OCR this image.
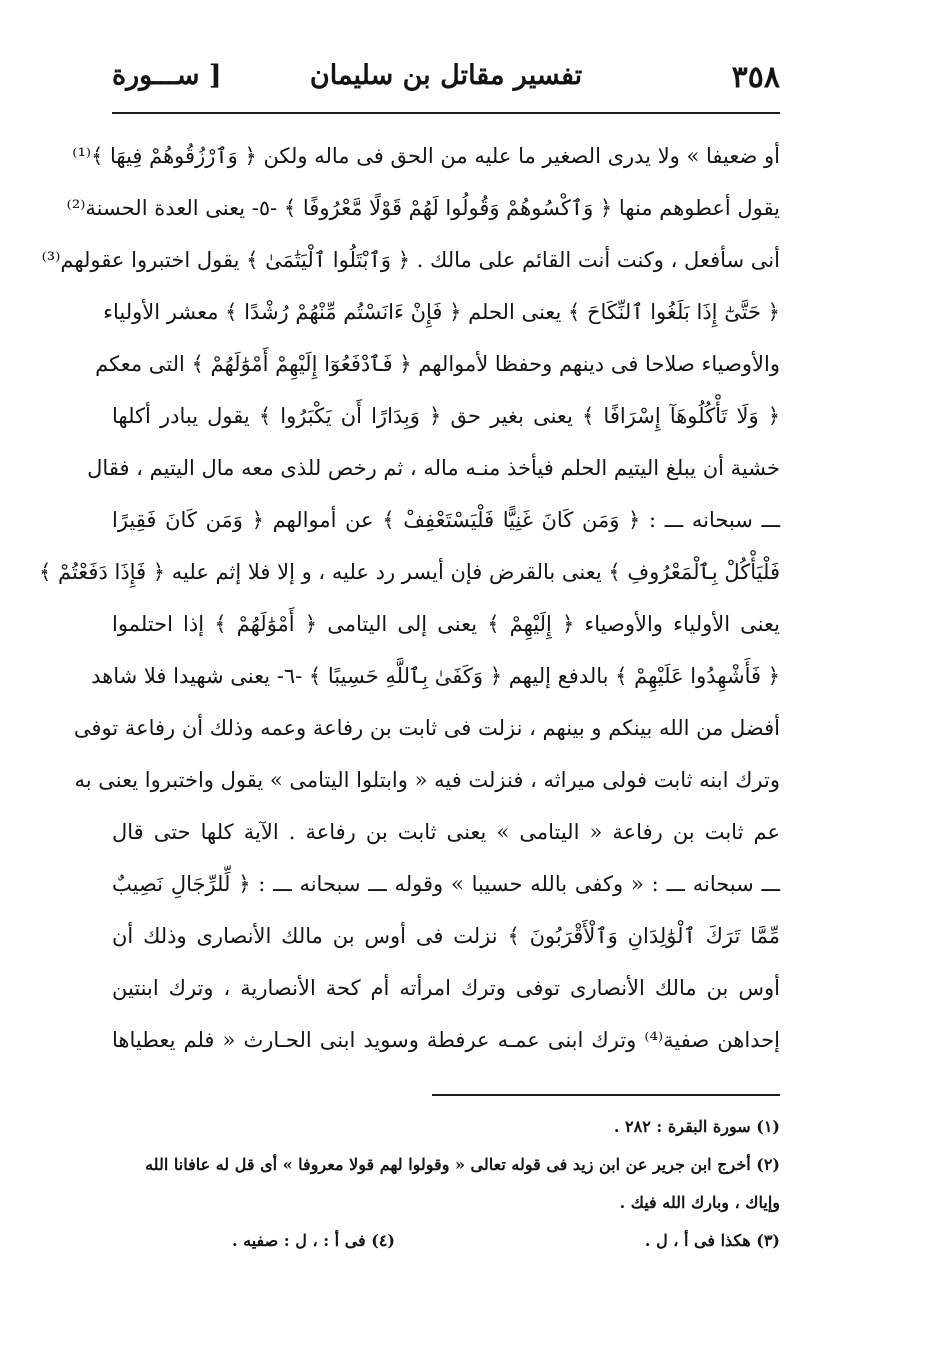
٣٥٨
تفسير مقاتل بن سليمان
[ ســـورة
أو ضعيفا » ولا يدرى الصغير ما عليه من الحق فى ماله ولكن ﴿ وَٱرْزُقُوهُمْ فِيهَا ﴾⁽¹⁾
يقول أعطوهم منها ﴿ وَٱكْسُوهُمْ وَقُولُوا لَهُمْ قَوْلًا مَّعْرُوفًا ﴾ -٥- يعنى العدة الحسنة⁽²⁾
أنى سأفعل ، وكنت أنت القائم على مالك . ﴿ وَٱبْتَلُوا ٱلْيَتَٰمَىٰ ﴾ يقول اختبروا عقولهم⁽³⁾
﴿ حَتَّىٰٓ إِذَا بَلَغُوا ٱلنِّكَاحَ ﴾ يعنى الحلم ﴿ فَإِنْ ءَانَسْتُم مِّنْهُمْ رُشْدًا ﴾ معشر الأولياء
والأوصياء صلاحا فى دينهم وحفظا لأموالهم ﴿ فَٱدْفَعُوٓا إِلَيْهِمْ أَمْوَٰلَهُمْ ﴾ التى معكم
﴿ وَلَا تَأْكُلُوهَآ إِسْرَافًا ﴾ يعنى بغير حق ﴿ وَبِدَارًا أَن يَكْبَرُوا ﴾ يقول يبادر أكلها
خشية أن يبلغ اليتيم الحلم فيأخذ منـه ماله ، ثم رخص للذى معه مال اليتيم ، فقال
ـــ سبحانه ـــ : ﴿ وَمَن كَانَ غَنِيًّا فَلْيَسْتَعْفِفْ ﴾ عن أموالهم ﴿ وَمَن كَانَ فَقِيرًا
فَلْيَأْكُلْ بِٱلْمَعْرُوفِ ﴾ يعنى بالقرض فإن أيسر رد عليه ، و إلا فلا إثم عليه ﴿ فَإِذَا دَفَعْتُمْ ﴾
يعنى الأولياء والأوصياء ﴿ إِلَيْهِمْ ﴾ يعنى إلى اليتامى ﴿ أَمْوَٰلَهُمْ ﴾ إذا احتلموا
﴿ فَأَشْهِدُوا عَلَيْهِمْ ﴾ بالدفع إليهم ﴿ وَكَفَىٰ بِٱللَّهِ حَسِيبًا ﴾ -٦- يعنى شهيدا فلا شاهد
أفضل من الله بينكم و بينهم ، نزلت فى ثابت بن رفاعة وعمه وذلك أن رفاعة توفى
وترك ابنه ثابت فولى ميراثه ، فنزلت فيه « وابتلوا اليتامى » يقول واختبروا يعنى به
عم ثابت بن رفاعة « اليتامى » يعنى ثابت بن رفاعة . الآية كلها حتى قال
ـــ سبحانه ـــ : « وكفى بالله حسيبا » وقوله ـــ سبحانه ـــ : ﴿ لِّلرِّجَالِ نَصِيبٌ
مِّمَّا تَرَكَ ٱلْوَٰلِدَانِ وَٱلْأَقْرَبُونَ ﴾ نزلت فى أوس بن مالك الأنصارى وذلك أن
أوس بن مالك الأنصارى توفى وترك امرأته أم كحة الأنصارية ، وترك ابنتين
إحداهن صفية⁽⁴⁾ وترك ابنى عمـه عرفطة وسويد ابنى الحـارث « فلم يعطياها
(١) سورة البقرة : ٢٨٢ .
(٢) أخرج ابن جرير عن ابن زيد فى قوله تعالى « وقولوا لهم قولا معروفا » أى قل له عافانا الله
وإياك ، وبارك الله فيك .
(٣) هكذا فى أ ، ل .
(٤) فى أ : ، ل : صفيه .
